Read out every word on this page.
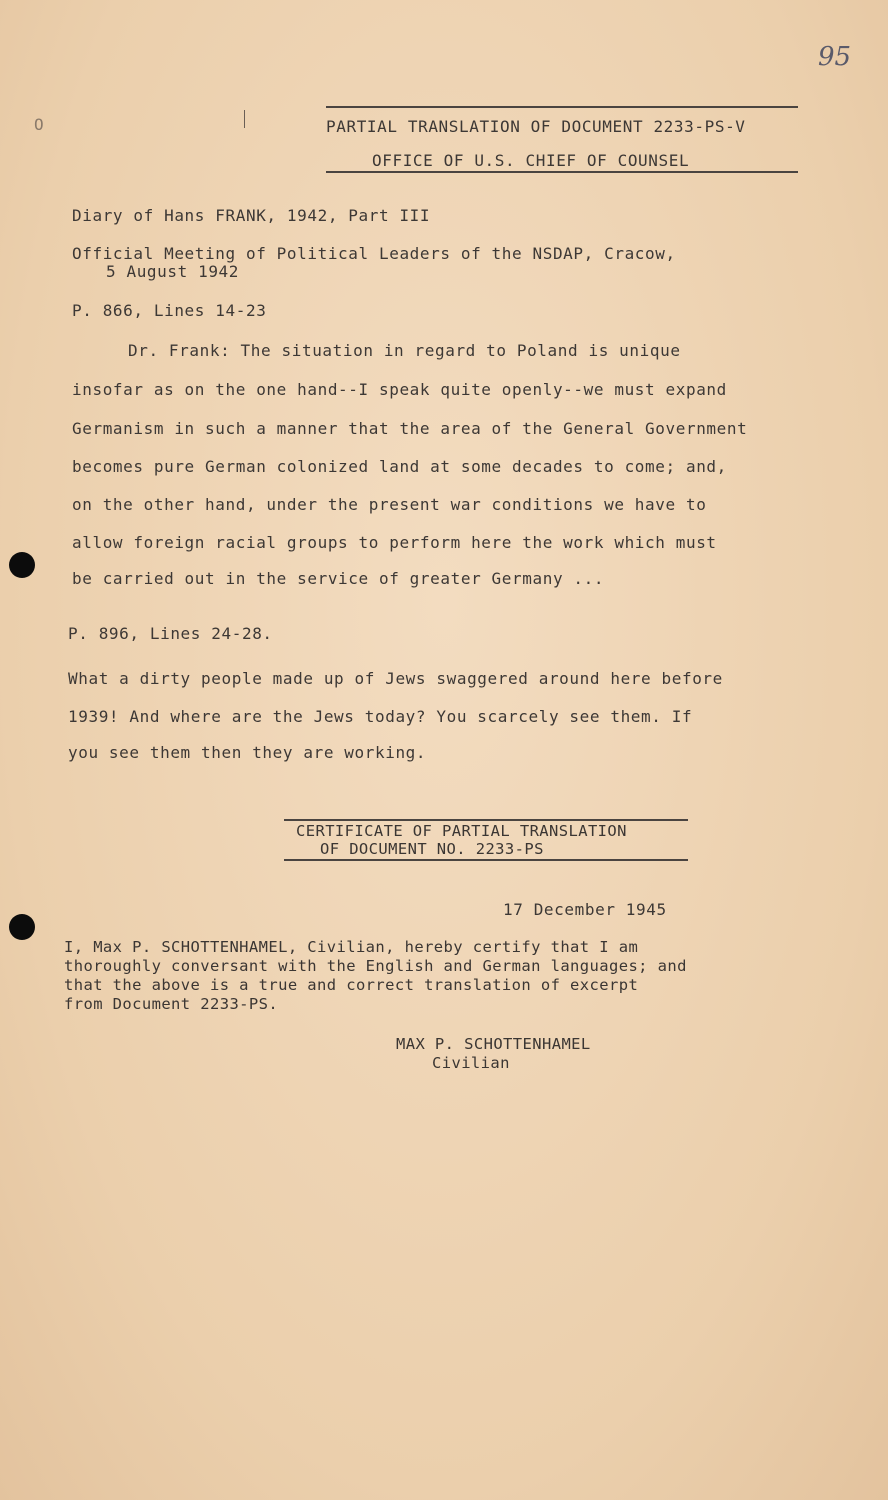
95
O	PARTIAL TRANSLATION OF DOCUMENT 2233-PS-V
OFFICE OF U.S. CHIEF OF COUNSEL
Diary of Hans FRANK, 1942, Part III
Official Meeting of Political Leaders of the NSDAP, Cracow,
5 August 1942
P. 866, Lines 14-23
Dr. Frank: The situation in regard to Poland is unique
insofar as on the one hand--I speak quite openly--we must expand
Germanism in such a manner that the area of the General Government
becomes pure German colonized land at some decades to come; and,
on the other hand, under the present war conditions we have to
allow foreign racial groups to perform here the work which must
be carried out in the service of greater Germany ...
P. 896, Lines 24-28.
What a dirty people made up of Jews swaggered around here before
1939! And where are the Jews today? You scarcely see them. If
you see them then they are working.
CERTIFICATE OF PARTIAL TRANSLATION
OF DOCUMENT NO. 2233-PS
17 December 1945
I, Max P. SCHOTTENHAMEL, Civilian, hereby certify that I am
thoroughly conversant with the English and German languages; and
that the above is a true and correct translation of excerpt
from Document 2233-PS.
MAX P. SCHOTTENHAMEL
Civilian
